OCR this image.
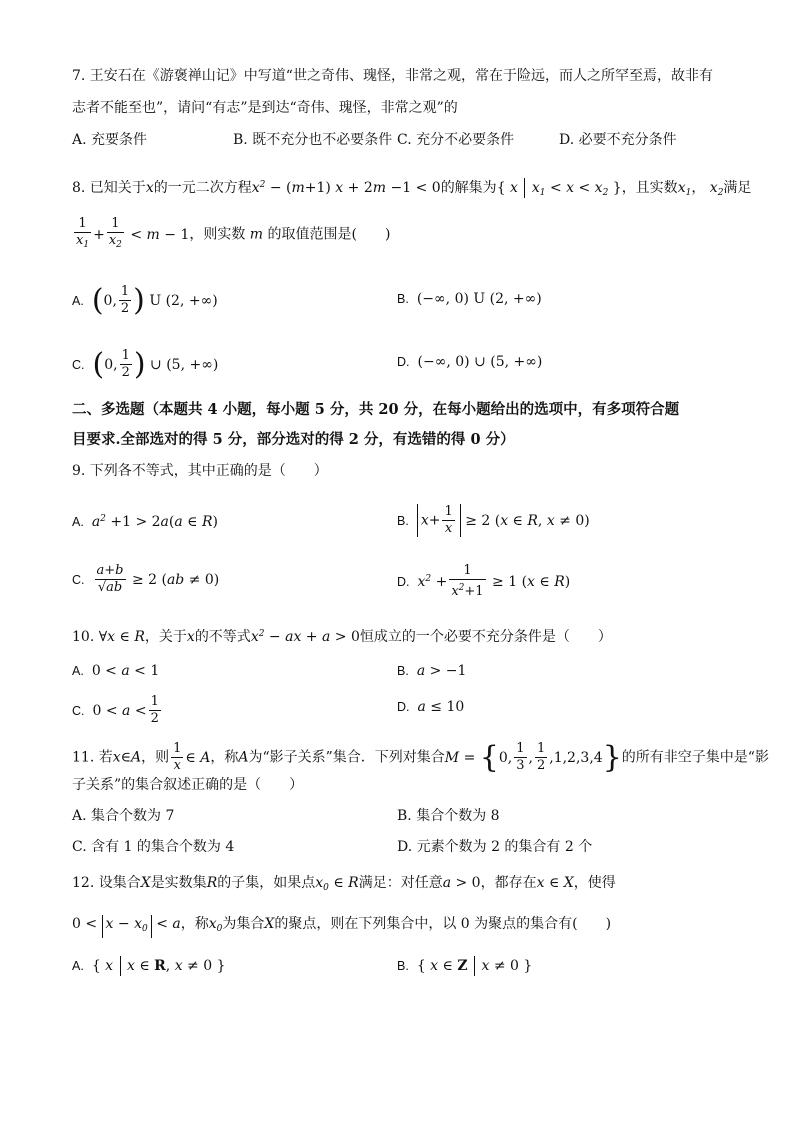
7. 王安石在《游褒禅山记》中写道“世之奇伟、瑰怪，非常之观，常在于险远，而人之所罕至焉，故非有
志者不能至也”，请问“有志”是到达“奇伟、瑰怪，非常之观”的
A. 充要条件	B. 既不充分也不必要条件 C. 充分不必要条件	D. 必要不充分条件
8. 已知关于x的一元二次方程$x^2 - (m+1) x + 2m -1 < 0$的解集为{ x  $x_1 < x < x_2$ }，且实数$x_1$， $x_2$满足
$\frac{1}{x_1} + \frac{1}{x_2} < m - 1$，则实数 m 的取值范围是(　　)
A. (0, $\frac{1}{2}$ ) U (2, +∞)	B. (−∞, 0) U (2, +∞)
C. (0, $\frac{1}{2}$ ) ∪ (5, +∞)	D. (−∞, 0) ∪ (5, +∞)
二、多选题（本题共 4 小题，每小题 5 分，共 20 分，在每小题给出的选项中，有多项符合题
目要求.全部选对的得 5 分，部分选对的得 2 分，有选错的得 0 分）
9. 下列各不等式，其中正确的是（　　）
A. $a^2 +1 > 2a(a$ ∈ R)	B. $x+ \frac{1}{x} \ge 2$ (x ∈ R, x ≠ 0)
C. $\frac{a+b}{√ab} \ge 2$ (ab ≠ 0)	D. $x^2 + \frac{1}{x^2+1} \ge 1$ (x ∈ R)
10. ∀x ∈ R，关于x的不等式$x^2$ − ax + a > 0恒成立的一个必要不充分条件是（　　）
A. 0 < a < 1	B. a > −1
C. $0 < a < \frac{1}{2}$	D. a ≤ 10
11. 若x∈A，则 $\frac{1}{x}$ ∈ A，称A为“影子关系”集合．下列对集合M = {0, $\frac{1}{3}$ , $\frac{1}{2} ,1,2,3,4$}的所有非空子集中是“影
子关系”的集合叙述正确的是（　　）
A. 集合个数为 7	B. 集合个数为 8
C. 含有 1 的集合个数为 4	D. 元素个数为 2 的集合有 2 个
12. 设集合X是实数集R的子集，如果点$x_0$ ∈ R满足：对任意a > 0，都存在x ∈ X，使得
$0 < x - x_0 < a$，称$x_0$为集合X的聚点，则在下列集合中，以 0 为聚点的集合有(　　)
A. { x  x ∈ R, x ≠ 0 }	B. { x ∈ Z  x ≠ 0 }
